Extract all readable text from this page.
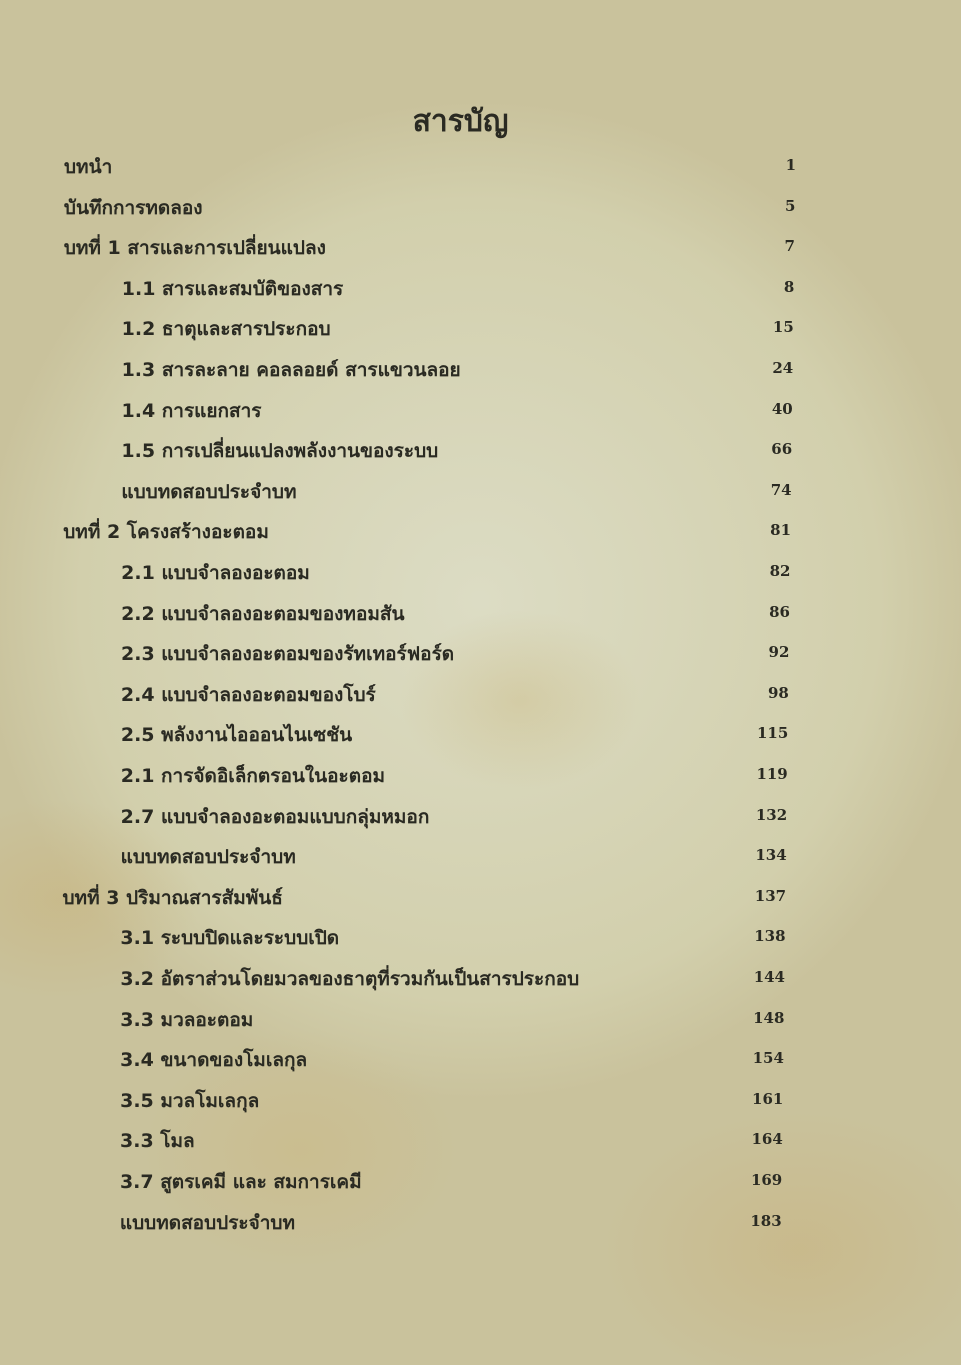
สารบัญ
บทนำ	1
บันทึกการทดลอง	5
บทที่ 1 สารและการเปลี่ยนแปลง	7
1.1 สารและสมบัติของสาร	8
1.2 ธาตุและสารประกอบ	15
1.3 สารละลาย คอลลอยด์ สารแขวนลอย	24
1.4 การแยกสาร	40
1.5 การเปลี่ยนแปลงพลังงานของระบบ	66
แบบทดสอบประจำบท	74
บทที่ 2 โครงสร้างอะตอม	81
2.1 แบบจำลองอะตอม	82
2.2 แบบจำลองอะตอมของทอมสัน	86
2.3 แบบจำลองอะตอมของรัทเทอร์ฟอร์ด	92
2.4 แบบจำลองอะตอมของโบร์	98
2.5 พลังงานไอออนไนเซชัน	115
2.1 การจัดอิเล็กตรอนในอะตอม	119
2.7 แบบจำลองอะตอมแบบกลุ่มหมอก	132
แบบทดสอบประจำบท	134
บทที่ 3 ปริมาณสารสัมพันธ์	137
3.1 ระบบปิดและระบบเปิด	138
3.2 อัตราส่วนโดยมวลของธาตุที่รวมกันเป็นสารประกอบ	144
3.3 มวลอะตอม	148
3.4 ขนาดของโมเลกุล	154
3.5 มวลโมเลกุล	161
3.3 โมล	164
3.7 สูตรเคมี และ สมการเคมี	169
แบบทดสอบประจำบท	183
